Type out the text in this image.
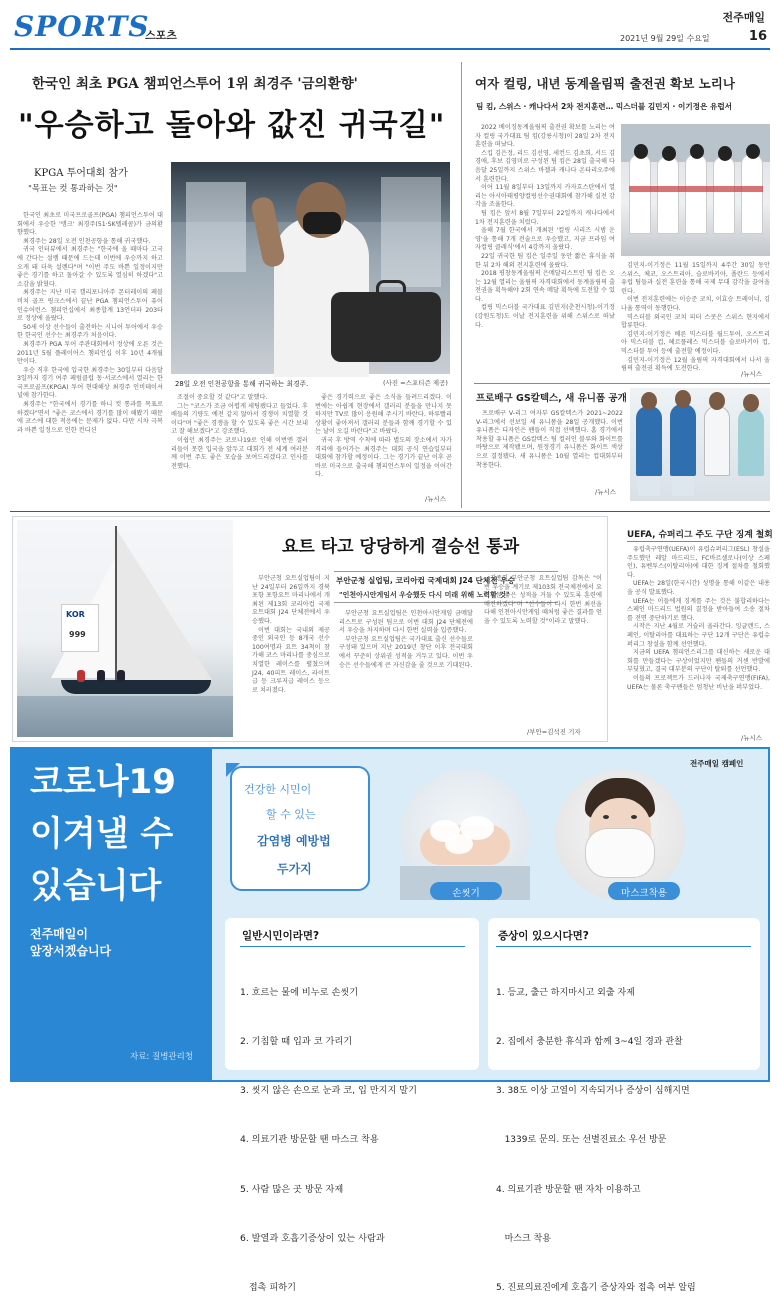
SPORTS
스포츠
전주매일
2021년 9월 29일 수요일	16
한국인 최초 PGA 챔피언스투어 1위 최경주 '금의환향'
"우승하고 돌아와 값진 귀국길"
KPGA 투어대회 참가
"목표는 컷 통과하는 것"
28일 오전 인천공항을 통해 귀국하는 최경주.	(사진 =스포티즌 제공)

한국인 최초로 미국프로골프(PGA) 챔피언스투어 대회에서 우승한 '탱크' 최경주(51·SK텔레콤)가 금의환향했다.

최경주는 28일 오전 인천공항을 통해 귀국했다.

귀국 인터뷰에서 최경주는 "한국에 올 때마다 고국에 간다는 설렘 때문에 드는데 이번에 우승까지 하고 오게 돼 더욱 설렌다"며 "이번 주도 바쁜 일정이지만 좋은 경기를 하고 돌아갈 수 있도록 열심히 하겠다"고 소감을 밝혔다.

최경주는 지난 미국 캘리포니아주 몬터레이의 페블비치 골프 링크스에서 끝난 PGA 챔피언스투어 퓨어 인슈어런스 챔피언십에서 최종합계 13언더파 203타로 정상에 올랐다.

50세 이상 선수들이 출전하는 시니어 투어에서 우승한 한국인 선수는 최경주가 처음이다.

최경주가 PGA 투어 주관대회에서 정상에 오른 것은 2011년 5월 플레이어스 챔피언십 이후 10년 4개월 만이다.

우승 직후 한국에 입국한 최경주는 30일부터 다음달 3일까지 경기 여주 페럼클럽 동·서코스에서 열리는 한국프로골프(KPGA) 투어 현대해상 최경주 인비테이셔널에 참가한다.

최경주는 "한국에서 경기를 하니 컷 통과를 목표로 하겠다"면서 "좋은 코스에서 경기를 많이 해봤기 때문에 코스에 대한 적응에는 문제가 없다. 다만 시차 극복과 바쁜 일정으로 인한 컨디션

조절이 중요할 것 같다"고 말했다.

그는 "코스가 조금 어렵게 세팅됐다고 들었다. 후배들의 기량도 예전 같지 않아서 경쟁이 치열할 것이다"며 "좋은 경쟁을 할 수 있도록 좋은 시간 보내고 잘 해보겠다"고 강조했다.

이쉽던 최경주는 코로나19로 인해 이번엔 갤러리들이 못한 입국을 앞두고 대회가 전 세계 여러분께 이번 주도 좋은 모습을 보여드리겠다고 인사를 전했다.

좋은 경기력으로 좋은 소식을 들려드리겠다. 이번에는 아쉽게 현장에서 갤러리 분들을 만나지 못하지만 TV로 많이 응원해 주시기 바란다. 하루빨리 상황이 좋아져서 갤러리 분들과 함께 경기할 수 있는 날이 오길 바란다"고 바랐다.

귀국 후 방역 수칙에 따라 별도의 장소에서 자가격리에 들어가는 최경주는 대회 공식 연습일부터 대회에 참가할 예정이다. 그는 경기가 끝난 이후 곧바로 미국으로 출국해 챔피언스투어 일정을 이어간다.

/뉴시스
여자 컬링, 내년 동계올림픽 출전권 확보 노리나
팀 킴, 스위스 · 캐나다서 2차 전지훈련… 믹스더블 김민지 · 이기정은 유럽서

2022 베이징동계올림픽 출전권 확보를 노리는 여자 컬링 국가대표 팀 킴(강릉시청)이 28일 2차 전지훈련을 떠났다.

스킵 김은정, 리드 김선영, 세컨드 김초희, 서드 김경애, 후보 김영미로 구성된 팀 킴은 28일 출국해 다음달 25일까지 스위스 바젤과 캐나다 온타리오주에서 훈련한다.

이어 11월 8일부터 13일까지 카자흐스탄에서 열리는 아시아태평양컬링선수권대회에 참가해 실전 감각을 조율한다.

팀 킴은 앞서 8월 7일부터 22일까지 캐나다에서 1차 전지훈련을 치렀다.

올해 7월 한국에서 개최된 '컬링 시리즈 시범 운영'을 통해 7개 전술으로 우승했고, 지금 프라임 여자컬링 클래식'에서 4강까지 올랐다.

22일 귀국한 팀 킴은 일주일 동안 짧은 휴식을 취한 뒤 2차 해외 전지훈련에 올랐다.

2018 평창동계올림픽 은메달리스트인 팀 킴은 오는 12월 열리는 올림픽 자격대회에서 동계올림픽 출전권을 획득해야 2회 연속 메달 획득에 도전할 수 있다.

컬링 믹스더블 국가대표 김민지(춘천시청)-이기정(강원도청)도 이날 전지훈련을 위해 스위스로 떠났다.

김민지-이기정은 11월 15일까지 4주간 30일 동안 스위스, 체코, 오스트리아, 슬로바키아, 폴란드 등에서 유럽 팀들과 실전 훈련을 통해 국제 무대 감각을 끌어올린다.

이번 전지훈련에는 이승준 코치, 이효승 트레이너, 김나율 통역이 동행한다.

믹스더블 외국인 코치 피터 스콧은 스위스 현지에서 합류한다.

김민지-이기정은 베른 믹스더블 월드투어, 오스트리아 믹스더블 컵, 헤르플레스 믹스더블 슬로바키아 컵, 믹스더블 투어 등에 출전할 예정이다.

김민지-이기정은 12월 올림픽 자격대회에서 나서 올림픽 출전권 획득에 도전한다.

/뉴시스
프로배구 GS칼텍스, 새 유니폼 공개

프로배구 V-리그 여자부 GS칼텍스가 2021~2022 V-리그에서 선보일 새 유니폼을 28일 공개했다. 이번 유니폼은 디자인은 팬들이 직접 선택했다. 홈 경기에서 착용할 유니폼은 GS칼텍스 팀 컬러인 블루와 화이트를 바탕으로 제작됐으며, 원정경기 유니폼은 화이트 색상으로 결정됐다. 새 유니폼은 10월 열리는 컵대회부터 착용한다.

/뉴시스
KOR
999
요트 타고 당당하게 결승선 통과
부안군청 실업팀, 코리아컵 국제대회 J24 단체전 우승
"인천아시안게임서 우승했듯 다시 미래 위해 노력할 것"

부안군청 요트실업팀이 지난 24일부터 26일까지 경북 포항 포항요트 마리나에서 개최된 제13회 코리아컵 국제요트대회 J24 단체전에서 우승했다.

이번 대회는 국내외 제공 중인 외국인 등 8개국 선수 100여명과 요트 34척이 참가해 코스 마리나를 중심으로 치열한 레이스를 펼쳤으며 J24, 40피트 레이스, 라이트급 등 크루저급 레이스 등으로 치러졌다.

부안군청 요트실업팀은 인천아시안게임 금메달리스트로 구성된 팀으로 이번 대회 J24 단체전에서 우승을 차지하며 다시 한번 실력을 입증했다.

부안군청 요트실업팀은 국가대표 출신 선수들로 구성돼 있으며 지난 2019년 창단 이후 전국대회에서 꾸준히 상위권 성적을 거두고 있다. 이번 우승은 선수들에게 큰 자신감을 줄 것으로 기대된다.

김종희 부안군청 요트실업팀 감독은 "이번 우승을 계기로 제103회 전국체전에서 요트부문 좋은 성적을 거둘 수 있도록 훈련에 매진하겠다"며 "선수들이 다시 한번 최선을 다해 인천아시안게임 때처럼 좋은 결과를 얻을 수 있도록 노력할 것"이라고 말했다.

/부안=김석진 기자
UEFA, 슈퍼리그 주도 구단 징계 철회

유럽축구연맹(UEFA)이 유럽슈퍼리그(ESL) 창설을 주도했던 레알 마드리드, FC바르셀로나(이상 스페인), 유벤투스(이탈리아)에 대한 징계 절차를 철회했다.

UEFA는 28일(한국시간) 성명을 통해 이같은 내용을 공식 발표했다.

UEFA는 이들에게 징계를 주는 것은 불합리하다는 스페인 마드리드 법원의 결정을 받아들여 소송 절차를 전면 중단하기로 했다.

시작은 지난 4월로 거슬러 올라간다. 잉글랜드, 스페인, 이탈리아를 대표하는 구단 12개 구단은 유럽슈퍼리그 창설을 함께 선언했다.

지금의 UEFA 챔피언스리그를 대신하는 새로운 대회를 만들겠다는 구상이었지만 팬들의 거센 반발에 부딪혔고, 결국 대부분의 구단이 탈퇴를 선언했다.

이들의 프로젝트가 드러나자 국제축구연맹(FIFA), UEFA는 물론 축구팬들은 엄청난 비난을 퍼부었다.

/뉴시스
코로나19 이겨낼 수 있습니다
전주매일이
앞장서겠습니다
자료: 질병관리청
전주매일 캠페인
건강한 시민이
할 수 있는
감염병 예방법
두가지
손씻기	마스크착용
일반시민이라면?

1. 흐르는 물에 비누로 손씻기

2. 기침할 때 입과 코 가리기

3. 씻지 않은 손으로 눈과 코, 입 만지지 말기

4. 의료기관 방문할 땐 마스크 착용

5. 사람 많은 곳 방문 자제

6. 발열과 호흡기증상이 있는 사람과

접촉 피하기

증상이 있으시다면?

1. 등교, 출근 하지마시고 외출 자제

2. 집에서 충분한 휴식과 함께 3~4일 경과 관찰

3. 38도 이상 고열이 지속되거나 증상이 심해지면

1339로 문의. 또는 선별진료소 우선 방문

4. 의료기관 방문할 땐 자차 이용하고

마스크 착용

5. 진료의료진에게 호흡기 증상자와 접촉 여부 알림
